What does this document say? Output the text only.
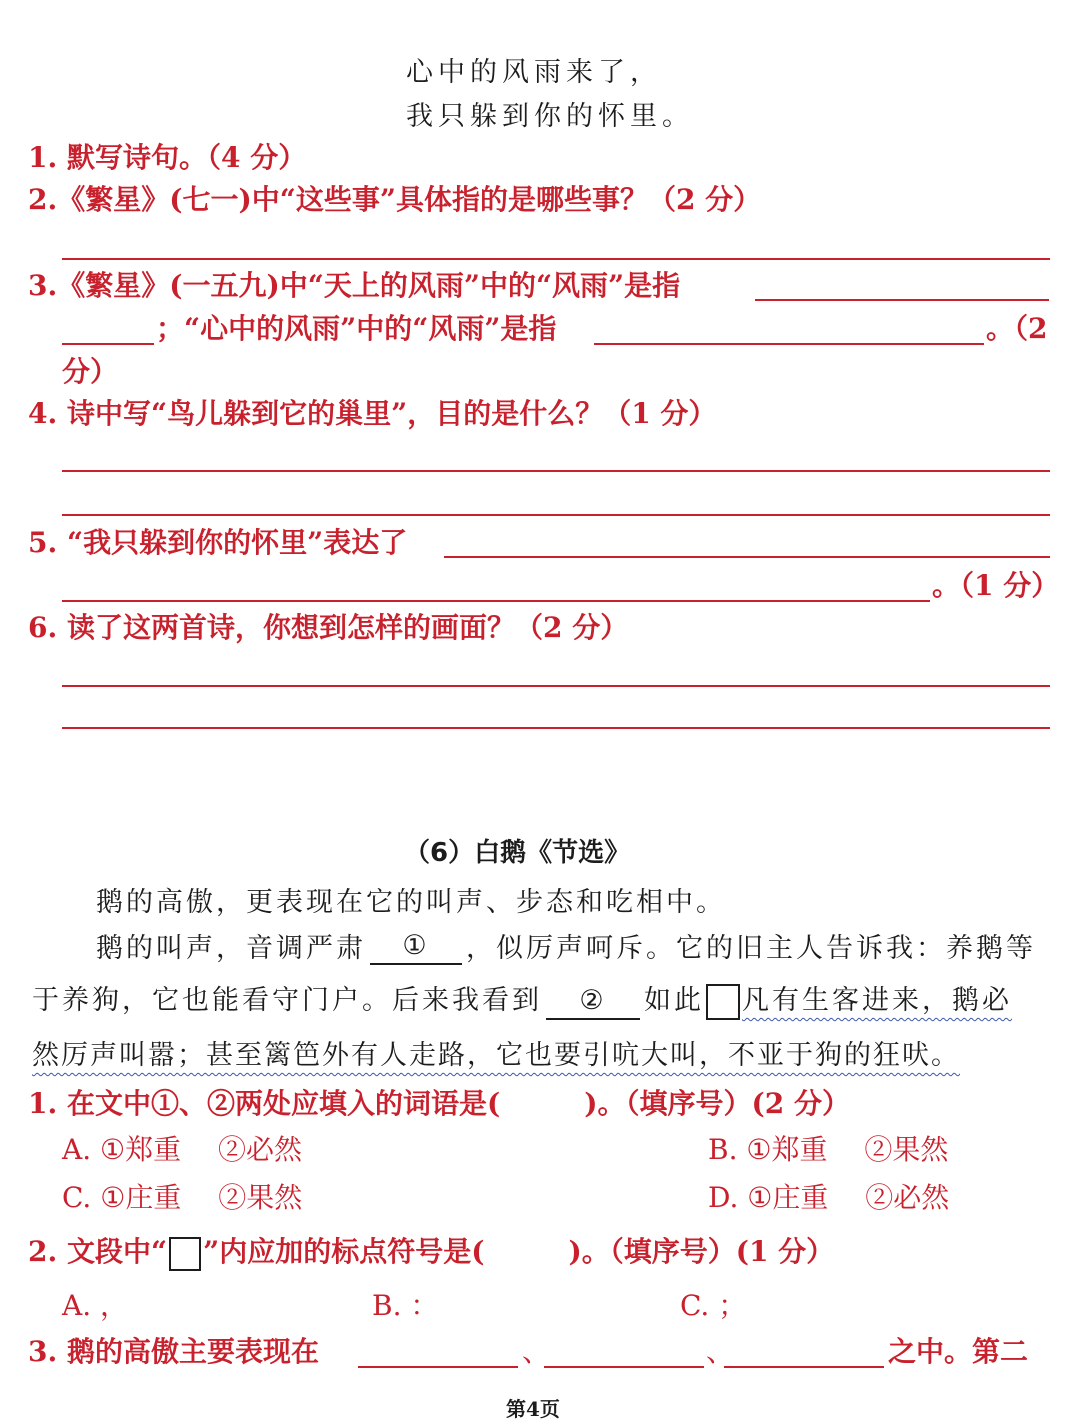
心中的风雨来了，
我只躲到你的怀里。
1. 默写诗句。（4 分）
2.《繁星》(七一)中“这些事”具体指的是哪些事？（2 分）
3.《繁星》(一五九)中“天上的风雨”中的“风雨”是指
；“心中的风雨”中的“风雨”是指	。（2
分）
4. 诗中写“鸟儿躲到它的巢里”，目的是什么？（1 分）
5. “我只躲到你的怀里”表达了
。（1 分）
6. 读了这两首诗，你想到怎样的画面？（2 分）
（6）白鹅《节选》
鹅的高傲，更表现在它的叫声、步态和吃相中。
鹅的叫声，音调严肃 ① ，似厉声呵斥。它的旧主人告诉我：养鹅等
于养狗，它也能看守门户。后来我看到 ② 如此 凡有生客进来，鹅必
然厉声叫嚣；甚至篱笆外有人走路，它也要引吭大叫，不亚于狗的狂吠。
1. 在文中①、②两处应填入的词语是(　　　)。（填序号）(2 分）
A. ①郑重　 ②必然	B. ①郑重　 ②果然
C. ①庄重　 ②果然	D. ①庄重　 ②必然
2. 文段中“ ”内应加的标点符号是(　　　)。（填序号）(1 分）
A. ，	B. ：	C. ；
3. 鹅的高傲主要表现在	、	、	之中。第二
第4页
